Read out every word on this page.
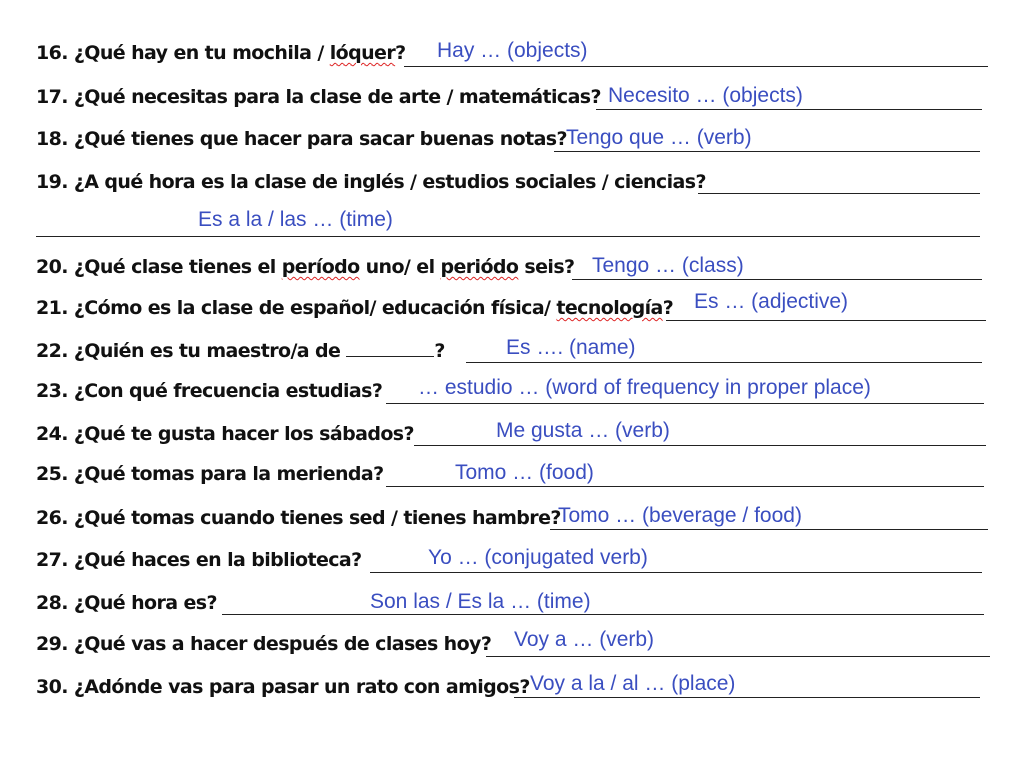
16. ¿Qué hay en tu mochila / lóquer? Hay … (objects)
17. ¿Qué necesitas para la clase de arte / matemáticas? Necesito … (objects)
18. ¿Qué tienes que hacer para sacar buenas notas? Tengo que … (verb)
19. ¿A qué hora es la clase de inglés / estudios sociales / ciencias?
Es a la / las … (time)
20. ¿Qué clase tienes el período uno/ el periódo seis? Tengo … (class)
21. ¿Cómo es la clase de español/ educación física/ tecnología? Es … (adjective)
22. ¿Quién es tu maestro/a de	?	Es …. (name)
23. ¿Con qué frecuencia estudias? … estudio … (word of frequency in proper place)
24. ¿Qué te gusta hacer los sábados?	Me gusta … (verb)
25. ¿Qué tomas para la merienda?	Tomo … (food)
26. ¿Qué tomas cuando tienes sed / tienes hambre?
Tomo … (beverage / food)
27. ¿Qué haces en la biblioteca?	Yo … (conjugated verb)
28. ¿Qué hora es?	Son las / Es la … (time)
29. ¿Qué vas a hacer después de clases hoy? Voy a … (verb)
30. ¿Adónde vas para pasar un rato con amigos? Voy a la / al … (place)
